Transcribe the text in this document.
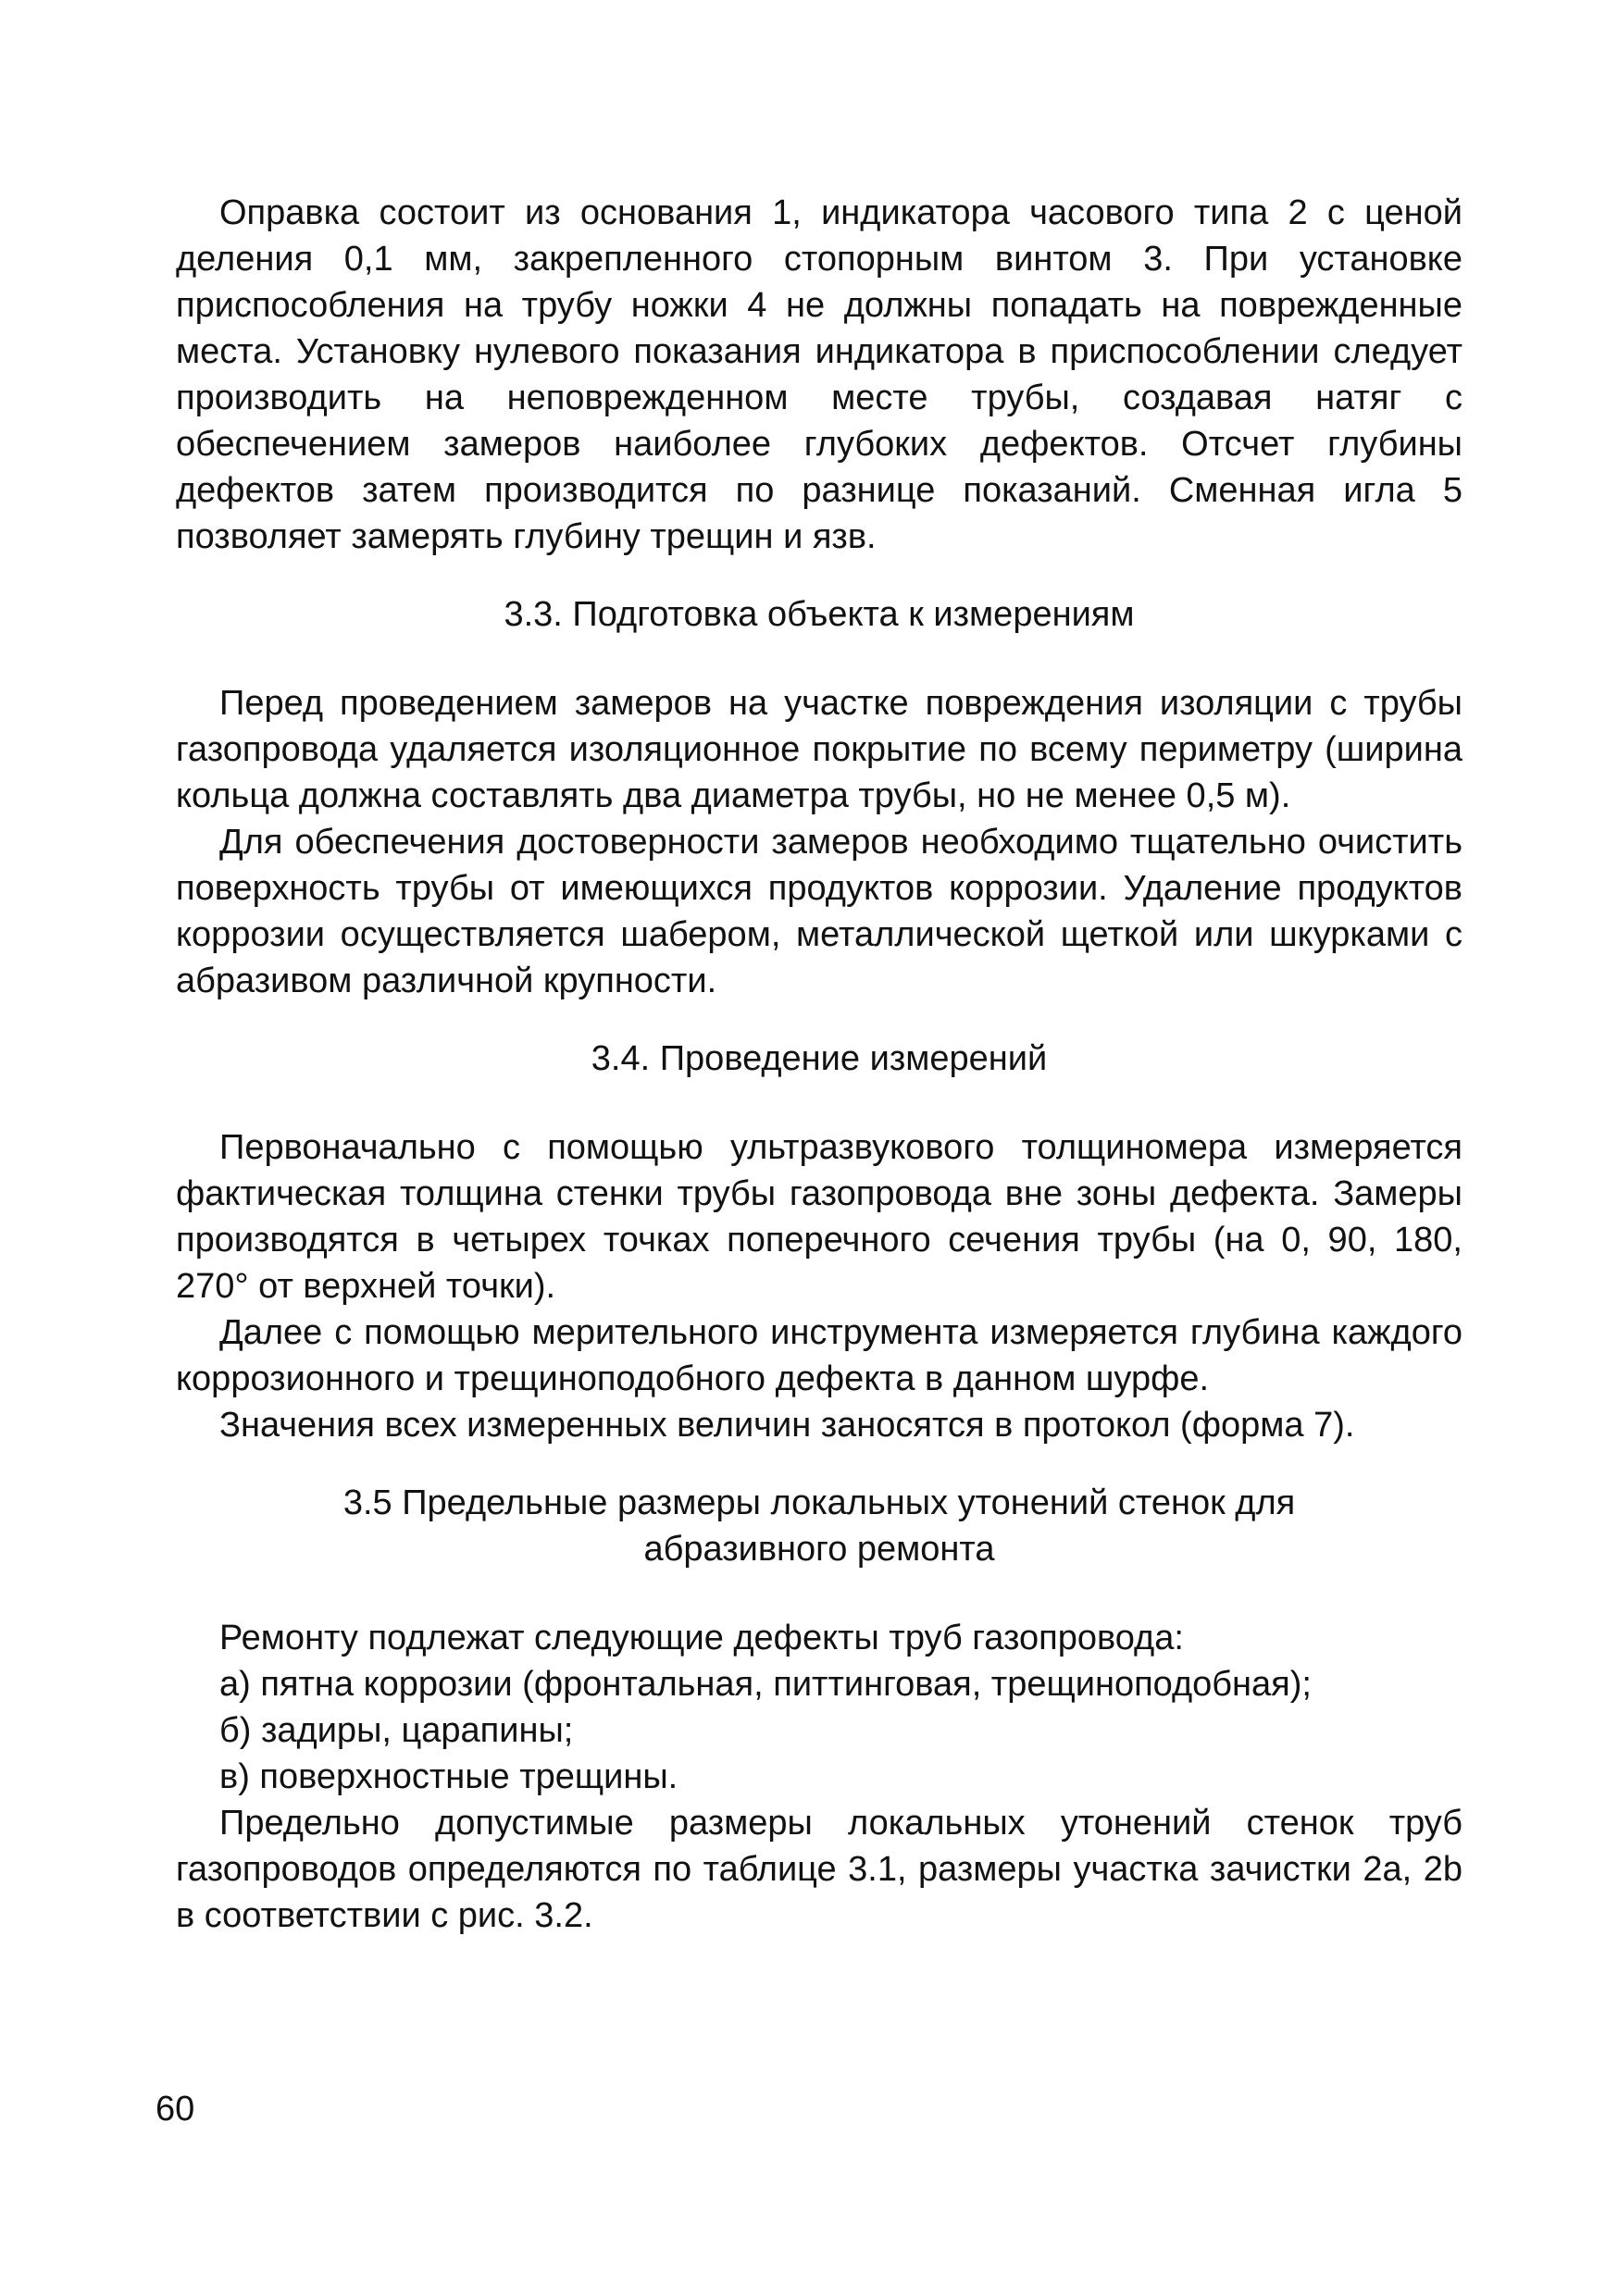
Оправка состоит из основания 1, индикатора часового типа 2 с ценой деления 0,1 мм, закрепленного стопорным винтом 3. При установке приспособления на трубу ножки 4 не должны попадать на поврежденные места. Установку нулевого показания индикатора в приспособлении следует производить на неповрежденном месте трубы, создавая натяг с обеспечением замеров наиболее глубоких дефектов. Отсчет глубины дефектов затем производится по разнице показаний. Сменная игла 5 позволяет замерять глубину трещин и язв.

3.3. Подготовка объекта к измерениям

Перед проведением замеров на участке повреждения изоляции с трубы газопровода удаляется изоляционное покрытие по всему периметру (ширина кольца должна составлять два диаметра трубы, но не менее 0,5 м).

Для обеспечения достоверности замеров необходимо тщательно очистить поверхность трубы от имеющихся продуктов коррозии. Удаление продуктов коррозии осуществляется шабером, металлической щеткой или шкурками с абразивом различной крупности.

3.4. Проведение измерений

Первоначально с помощью ультразвукового толщиномера измеряется фактическая толщина стенки трубы газопровода вне зоны дефекта. Замеры производятся в четырех точках поперечного сечения трубы (на 0, 90, 180, 270° от верхней точки).

Далее с помощью мерительного инструмента измеряется глубина каждого коррозионного и трещиноподобного дефекта в данном шурфе.

Значения всех измеренных величин заносятся в протокол (форма 7).

3.5 Предельные размеры локальных утонений стенок для

абразивного ремонта

Ремонту подлежат следующие дефекты труб газопровода:

а) пятна коррозии (фронтальная, питтинговая, трещиноподобная);

б) задиры, царапины;

в) поверхностные трещины.

Предельно допустимые размеры локальных утонений стенок труб газопроводов определяются по таблице 3.1, размеры участка зачистки 2a, 2b в соответствии с рис. 3.2.

60
